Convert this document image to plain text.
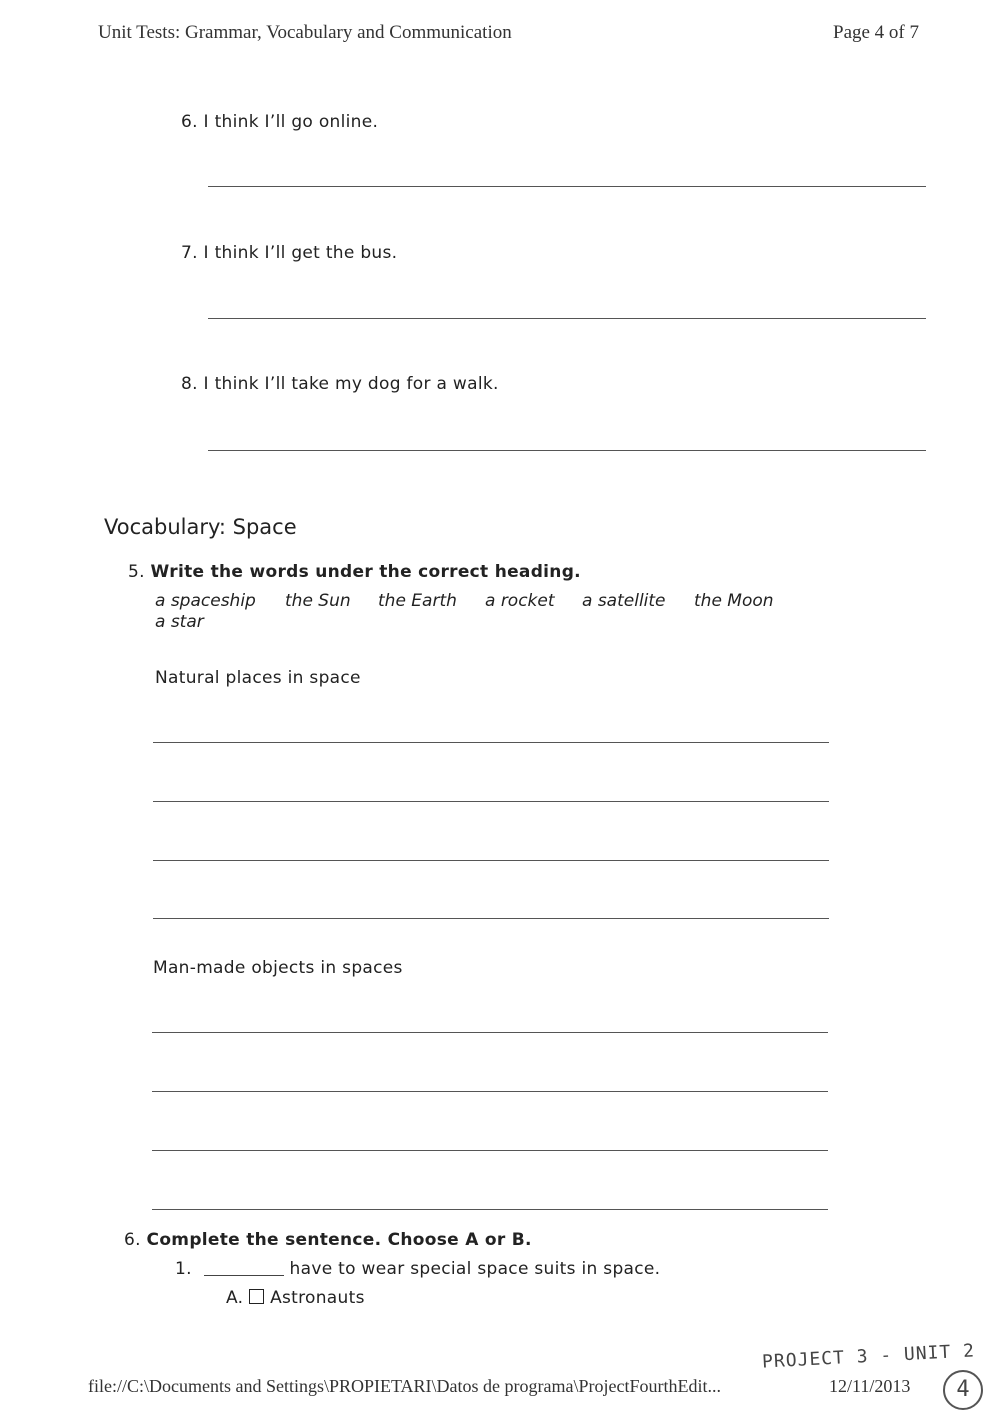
Unit Tests: Grammar, Vocabulary and Communication	Page 4 of 7
6. I think I’ll go online.
7. I think I’ll get the bus.
8. I think I’ll take my dog for a walk.
Vocabulary: Space
5. Write the words under the correct heading.
a spaceship the Sun the Earth a rocket a satellite the Moon
a star
Natural places in space
Man-made objects in spaces
6. Complete the sentence. Choose A or B.
1.	have to wear special space suits in space.
A. Astronauts
PROJECT 3 - UNIT 2
file://C:\Documents and Settings\PROPIETARI\Datos de programa\ProjectFourthEdit...	12/11/2013	4
